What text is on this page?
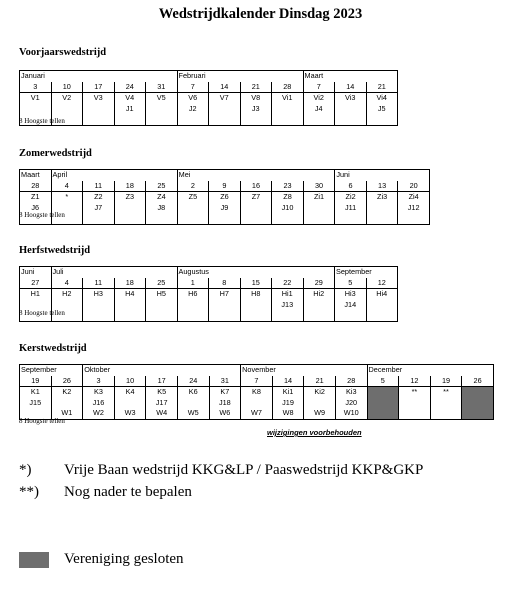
Wedstrijdkalender Dinsdag 2023
Voorjaarswedstrijd
Januari					Februari				Maart		
3	10	17	24	31	7	14	21	28	7	14	21
V1	V2	V3	V4	V5	V6	V7	V8	Vi1	Vi2	Vi3	Vi4
			J1		J2		J3		J4		J5

8 Hoogste tellen
Zomerwedstrijd
Maart	April				Mei					Juni		
28	4	11	18	25	2	9	16	23	30	6	13	20
Z1	*	Z2	Z3	Z4	Z5	Z6	Z7	Z8	Zi1	Zi2	Zi3	Zi4
J6		J7		J8		J9		J10		J11		J12

8 Hoogste tellen
Herfstwedstrijd
Juni	Juli				Augustus					September	
27	4	11	18	25	1	8	15	22	29	5	12
H1	H2	H3	H4	H5	H6	H7	H8	Hi1	Hi2	Hi3	Hi4
								J13		J14	

8 Hoogste tellen
Kerstwedstrijd
September		Oktober					November				December			
19	26	3	10	17	24	31	7	14	21	28	5	12	19	26
K1	K2	K3	K4	K5	K6	K7	K8	Ki1	Ki2	Ki3		**	**	
J15		J16		J17		J18		J19		J20				
	W1	W2	W3	W4	W5	W6	W7	W8	W9	W10				
8 Hoogste tellen
wijzigingen voorbehouden
*) Vrije Baan wedstrijd KKG&LP / Paaswedstrijd KKP&GKP
**) Nog nader te bepalen
Vereniging gesloten
